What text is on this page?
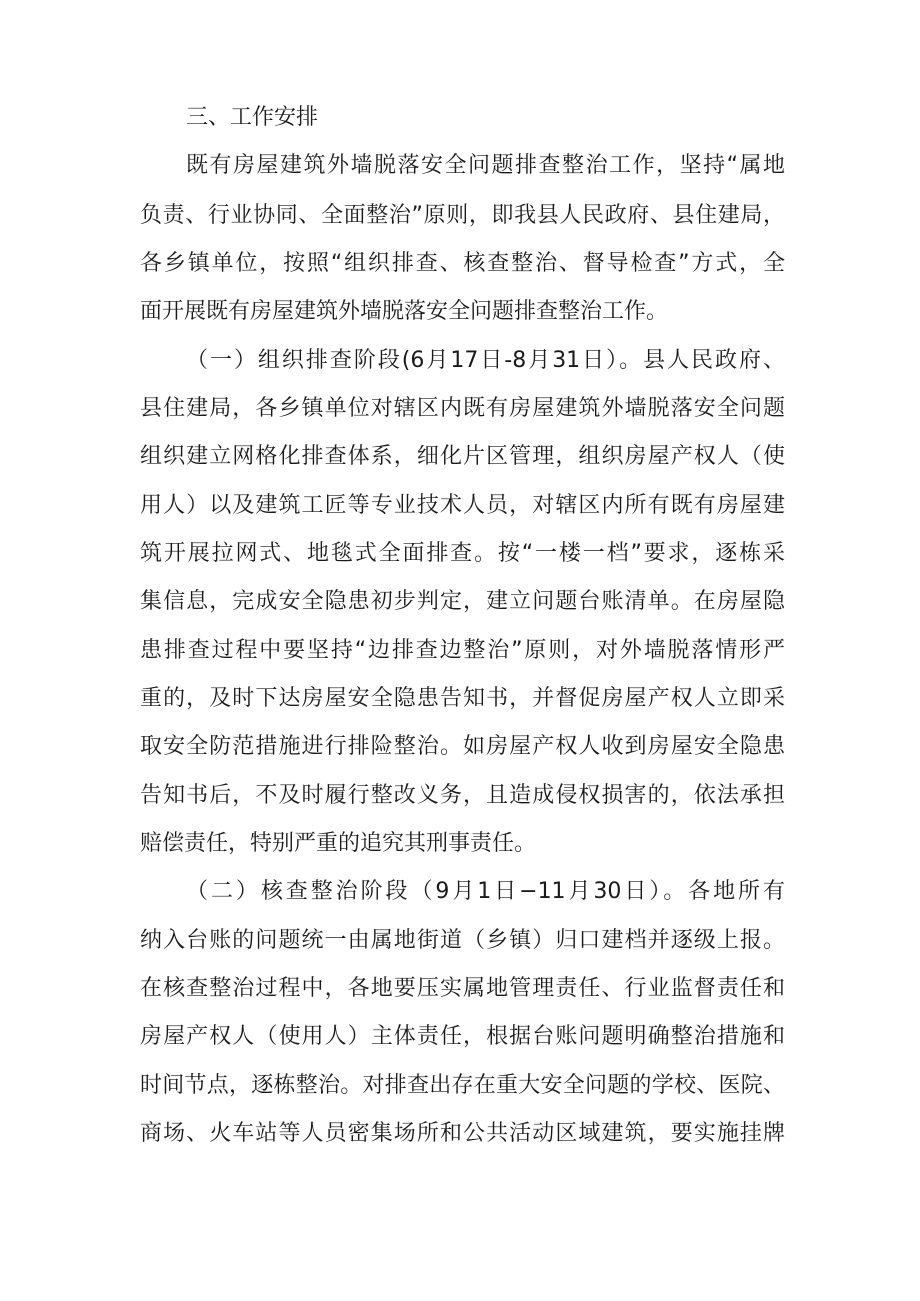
三、工作安排
既有房屋建筑外墙脱落安全问题排查整治工作，坚持“属地
负责、行业协同、全面整治”原则，即我县人民政府、县住建局，
各乡镇单位，按照“组织排查、核查整治、督导检查”方式，全
面开展既有房屋建筑外墙脱落安全问题排查整治工作。
（一）组织排查阶段(6月17日-8月31日）。县人民政府、
县住建局，各乡镇单位对辖区内既有房屋建筑外墙脱落安全问题
组织建立网格化排查体系，细化片区管理，组织房屋产权人（使
用人）以及建筑工匠等专业技术人员，对辖区内所有既有房屋建
筑开展拉网式、地毯式全面排查。按“一楼一档”要求，逐栋采
集信息，完成安全隐患初步判定，建立问题台账清单。在房屋隐
患排查过程中要坚持“边排查边整治”原则，对外墙脱落情形严
重的，及时下达房屋安全隐患告知书，并督促房屋产权人立即采
取安全防范措施进行排险整治。如房屋产权人收到房屋安全隐患
告知书后，不及时履行整改义务，且造成侵权损害的，依法承担
赔偿责任，特别严重的追究其刑事责任。
（二）核查整治阶段（9月1日−11月30日）。各地所有
纳入台账的问题统一由属地街道（乡镇）归口建档并逐级上报。
在核查整治过程中，各地要压实属地管理责任、行业监督责任和
房屋产权人（使用人）主体责任，根据台账问题明确整治措施和
时间节点，逐栋整治。对排查出存在重大安全问题的学校、医院、
商场、火车站等人员密集场所和公共活动区域建筑，要实施挂牌
